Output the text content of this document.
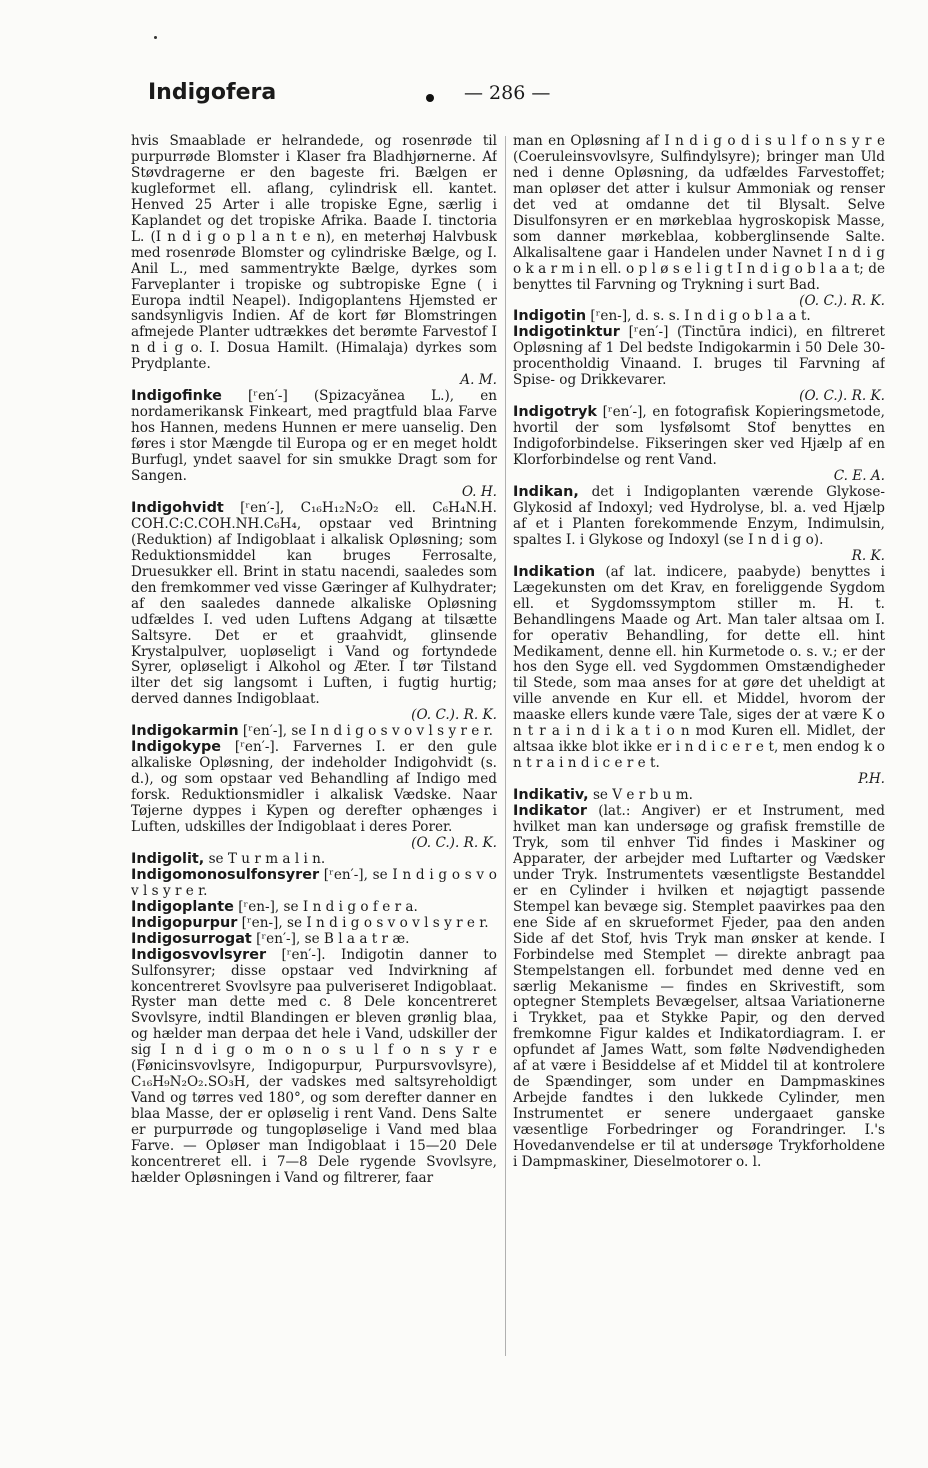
Indigofera	— 286 —

hvis Smaablade er helrandede, og rosenrøde til purpurrøde Blomster i Klaser fra Bladhjørnerne. Af Støvdragerne er den bageste fri. Bælgen er kugleformet ell. aflang, cylindrisk ell. kantet. Henved 25 Arter i alle tropiske Egne, særlig i Kaplandet og det tropiske Afrika. Baade I. tinctoria L. (I n d i g o p l a n t e n), en meterhøj Halvbusk med rosenrøde Blomster og cylindriske Bælge, og I. Anil L., med sammentrykte Bælge, dyrkes som Farveplanter i tropiske og subtropiske Egne ( i Europa indtil Neapel). Indigoplantens Hjemsted er sandsynligvis Indien. Af de kort før Blomstringen afmejede Planter udtrækkes det berømte Farvestof I n d i g o. I. Dosua Hamilt. (Himalaja) dyrkes som Prydplante.
A. M.

Indigofinke [ʳen′-] (Spizacyănea L.), en nordamerikansk Finkeart, med pragtfuld blaa Farve hos Hannen, medens Hunnen er mere uanselig. Den føres i stor Mængde til Europa og er en meget holdt Burfugl, yndet saavel for sin smukke Dragt som for Sangen.
O. H.

Indigohvidt [ʳen′-], C₁₆H₁₂N₂O₂ ell. C₆H₄N.H. COH.C:C.COH.NH.C₆H₄, opstaar ved Brintning (Reduktion) af Indigoblaat i alkalisk Opløsning; som Reduktionsmiddel kan bruges Ferrosalte, Druesukker ell. Brint in statu nacendi, saaledes som den fremkommer ved visse Gæringer af Kulhydrater; af den saaledes dannede alkaliske Opløsning udfældes I. ved uden Luftens Adgang at tilsætte Saltsyre. Det er et graahvidt, glinsende Krystalpulver, uopløseligt i Vand og fortyndede Syrer, opløseligt i Alkohol og Æter. I tør Tilstand ilter det sig langsomt i Luften, i fugtig hurtig; derved dannes Indigoblaat.
(O. C.). R. K.

Indigokarmin [ʳen′-], se I n d i g o s v o v l s y r e r.

Indigokype [ʳen′-]. Farvernes I. er den gule alkaliske Opløsning, der indeholder Indigohvidt (s. d.), og som opstaar ved Behandling af Indigo med forsk. Reduktionsmidler i alkalisk Vædske. Naar Tøjerne dyppes i Kypen og derefter ophænges i Luften, udskilles der Indigoblaat i deres Porer.
(O. C.). R. K.

Indigolit, se T u r m a l i n.

Indigomonosulfonsyrer [ʳen′-], se I n d i g o s v o v l s y r e r.

Indigoplante [ʳen-], se I n d i g o f e r a.

Indigopurpur [ʳen-], se I n d i g o s v o v l s y r e r.

Indigosurrogat [ʳen′-], se B l a a t r æ.

Indigosvovlsyrer [ʳen′-]. Indigotin danner to Sulfonsyrer; disse opstaar ved Indvirkning af koncentreret Svovlsyre paa pulveriseret Indigoblaat. Ryster man dette med c. 8 Dele koncentreret Svovlsyre, indtil Blandingen er bleven grønlig blaa, og hælder man derpaa det hele i Vand, udskiller der sig I n d i g o m o n o s u l f o n s y r e (Fønicinsvovlsyre, Indigopurpur, Purpursvovlsyre), C₁₆H₉N₂O₂.SO₃H, der vadskes med saltsyreholdigt Vand og tørres ved 180°, og som derefter danner en blaa Masse, der er opløselig i rent Vand. Dens Salte er purpurrøde og tungopløselige i Vand med blaa Farve. — Opløser man Indigoblaat i 15—20 Dele koncentreret ell. i 7—8 Dele rygende Svovlsyre, hælder Opløsningen i Vand og filtrerer, faar

man en Opløsning af I n d i g o d i s u l f o n s y r e (Coeruleinsvovlsyre, Sulfindylsyre); bringer man Uld ned i denne Opløsning, da udfældes Farvestoffet; man opløser det atter i kulsur Ammoniak og renser det ved at omdanne det til Blysalt. Selve Disulfonsyren er en mørkeblaa hygroskopisk Masse, som danner mørkeblaa, kobberglinsende Salte. Alkalisaltene gaar i Handelen under Navnet I n d i g o k a r m i n ell. o p l ø s e l i g t I n d i g o b l a a t; de benyttes til Farvning og Trykning i surt Bad.
(O. C.). R. K.

Indigotin [ʳen-], d. s. s. I n d i g o b l a a t.

Indigotinktur [ʳen′-] (Tinctūra indici), en filtreret Opløsning af 1 Del bedste Indigokarmin i 50 Dele 30-procentholdig Vinaand. I. bruges til Farvning af Spise- og Drikkevarer.
(O. C.). R. K.

Indigotryk [ʳen′-], en fotografisk Kopieringsmetode, hvortil der som lysfølsomt Stof benyttes en Indigoforbindelse. Fikseringen sker ved Hjælp af en Klorforbindelse og rent Vand.
C. E. A.

Indikan, det i Indigoplanten værende Glykose-Glykosid af Indoxyl; ved Hydrolyse, bl. a. ved Hjælp af et i Planten forekommende Enzym, Indimulsin, spaltes I. i Glykose og Indoxyl (se I n d i g o).
R. K.

Indikation (af lat. indicere, paabyde) benyttes i Lægekunsten om det Krav, en foreliggende Sygdom ell. et Sygdomssymptom stiller m. H. t. Behandlingens Maade og Art. Man taler altsaa om I. for operativ Behandling, for dette ell. hint Medikament, denne ell. hin Kurmetode o. s. v.; er der hos den Syge ell. ved Sygdommen Omstændigheder til Stede, som maa anses for at gøre det uheldigt at ville anvende en Kur ell. et Middel, hvorom der maaske ellers kunde være Tale, siges der at være K o n t r a i n d i k a t i o n mod Kuren ell. Midlet, der altsaa ikke blot ikke er i n d i c e r e t, men endog k o n t r a i n d i c e r e t.
P.H.

Indikativ, se V e r b u m.

Indikator (lat.: Angiver) er et Instrument, med hvilket man kan undersøge og grafisk fremstille de Tryk, som til enhver Tid findes i Maskiner og Apparater, der arbejder med Luftarter og Vædsker under Tryk. Instrumentets væsentligste Bestanddel er en Cylinder i hvilken et nøjagtigt passende Stempel kan bevæge sig. Stemplet paavirkes paa den ene Side af en skrueformet Fjeder, paa den anden Side af det Stof, hvis Tryk man ønsker at kende. I Forbindelse med Stemplet — direkte anbragt paa Stempelstangen ell. forbundet med denne ved en særlig Mekanisme — findes en Skrivestift, som optegner Stemplets Bevægelser, altsaa Variationerne i Trykket, paa et Stykke Papir, og den derved fremkomne Figur kaldes et Indikatordiagram. I. er opfundet af James Watt, som følte Nødvendigheden af at være i Besiddelse af et Middel til at kontrolere de Spændinger, som under en Dampmaskines Arbejde fandtes i den lukkede Cylinder, men Instrumentet er senere undergaaet ganske væsentlige Forbedringer og Forandringer. I.'s Hovedanvendelse er til at undersøge Trykforholdene i Dampmaskiner, Dieselmotorer o. l.
